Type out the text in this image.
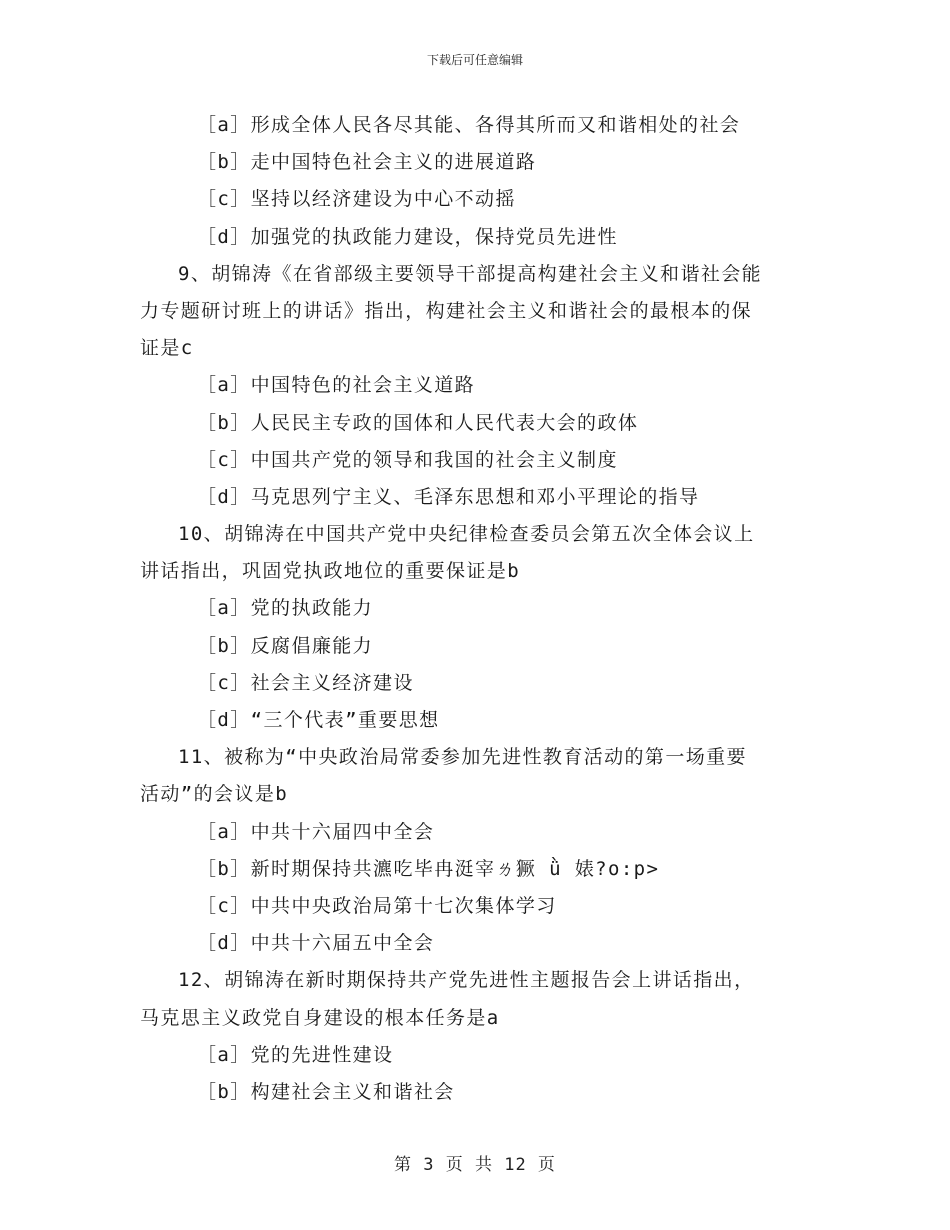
下载后可任意编辑
［a］形成全体人民各尽其能、各得其所而又和谐相处的社会
［b］走中国特色社会主义的进展道路
［c］坚持以经济建设为中心不动摇
［d］加强党的执政能力建设，保持党员先进性
9、胡锦涛《在省部级主要领导干部提高构建社会主义和谐社会能
力专题研讨班上的讲话》指出，构建社会主义和谐社会的最根本的保
证是c
［a］中国特色的社会主义道路
［b］人民民主专政的国体和人民代表大会的政体
［c］中国共产党的领导和我国的社会主义制度
［d］马克思列宁主义、毛泽东思想和邓小平理论的指导
10、胡锦涛在中国共产党中央纪律检查委员会第五次全体会议上
讲话指出，巩固党执政地位的重要保证是b
［a］党的执政能力
［b］反腐倡廉能力
［c］社会主义经济建设
［d］“三个代表”重要思想
11、被称为“中央政治局常委参加先进性教育活动的第一场重要
活动”的会议是b
［a］中共十六届四中全会
［b］新时期保持共瀌吃毕冉涏宰ㄌ獗 ǜ 婊?o:p>
［c］中共中央政治局第十七次集体学习
［d］中共十六届五中全会
12、胡锦涛在新时期保持共产党先进性主题报告会上讲话指出，
马克思主义政党自身建设的根本任务是a
［a］党的先进性建设
［b］构建社会主义和谐社会
第 3 页 共 12 页
